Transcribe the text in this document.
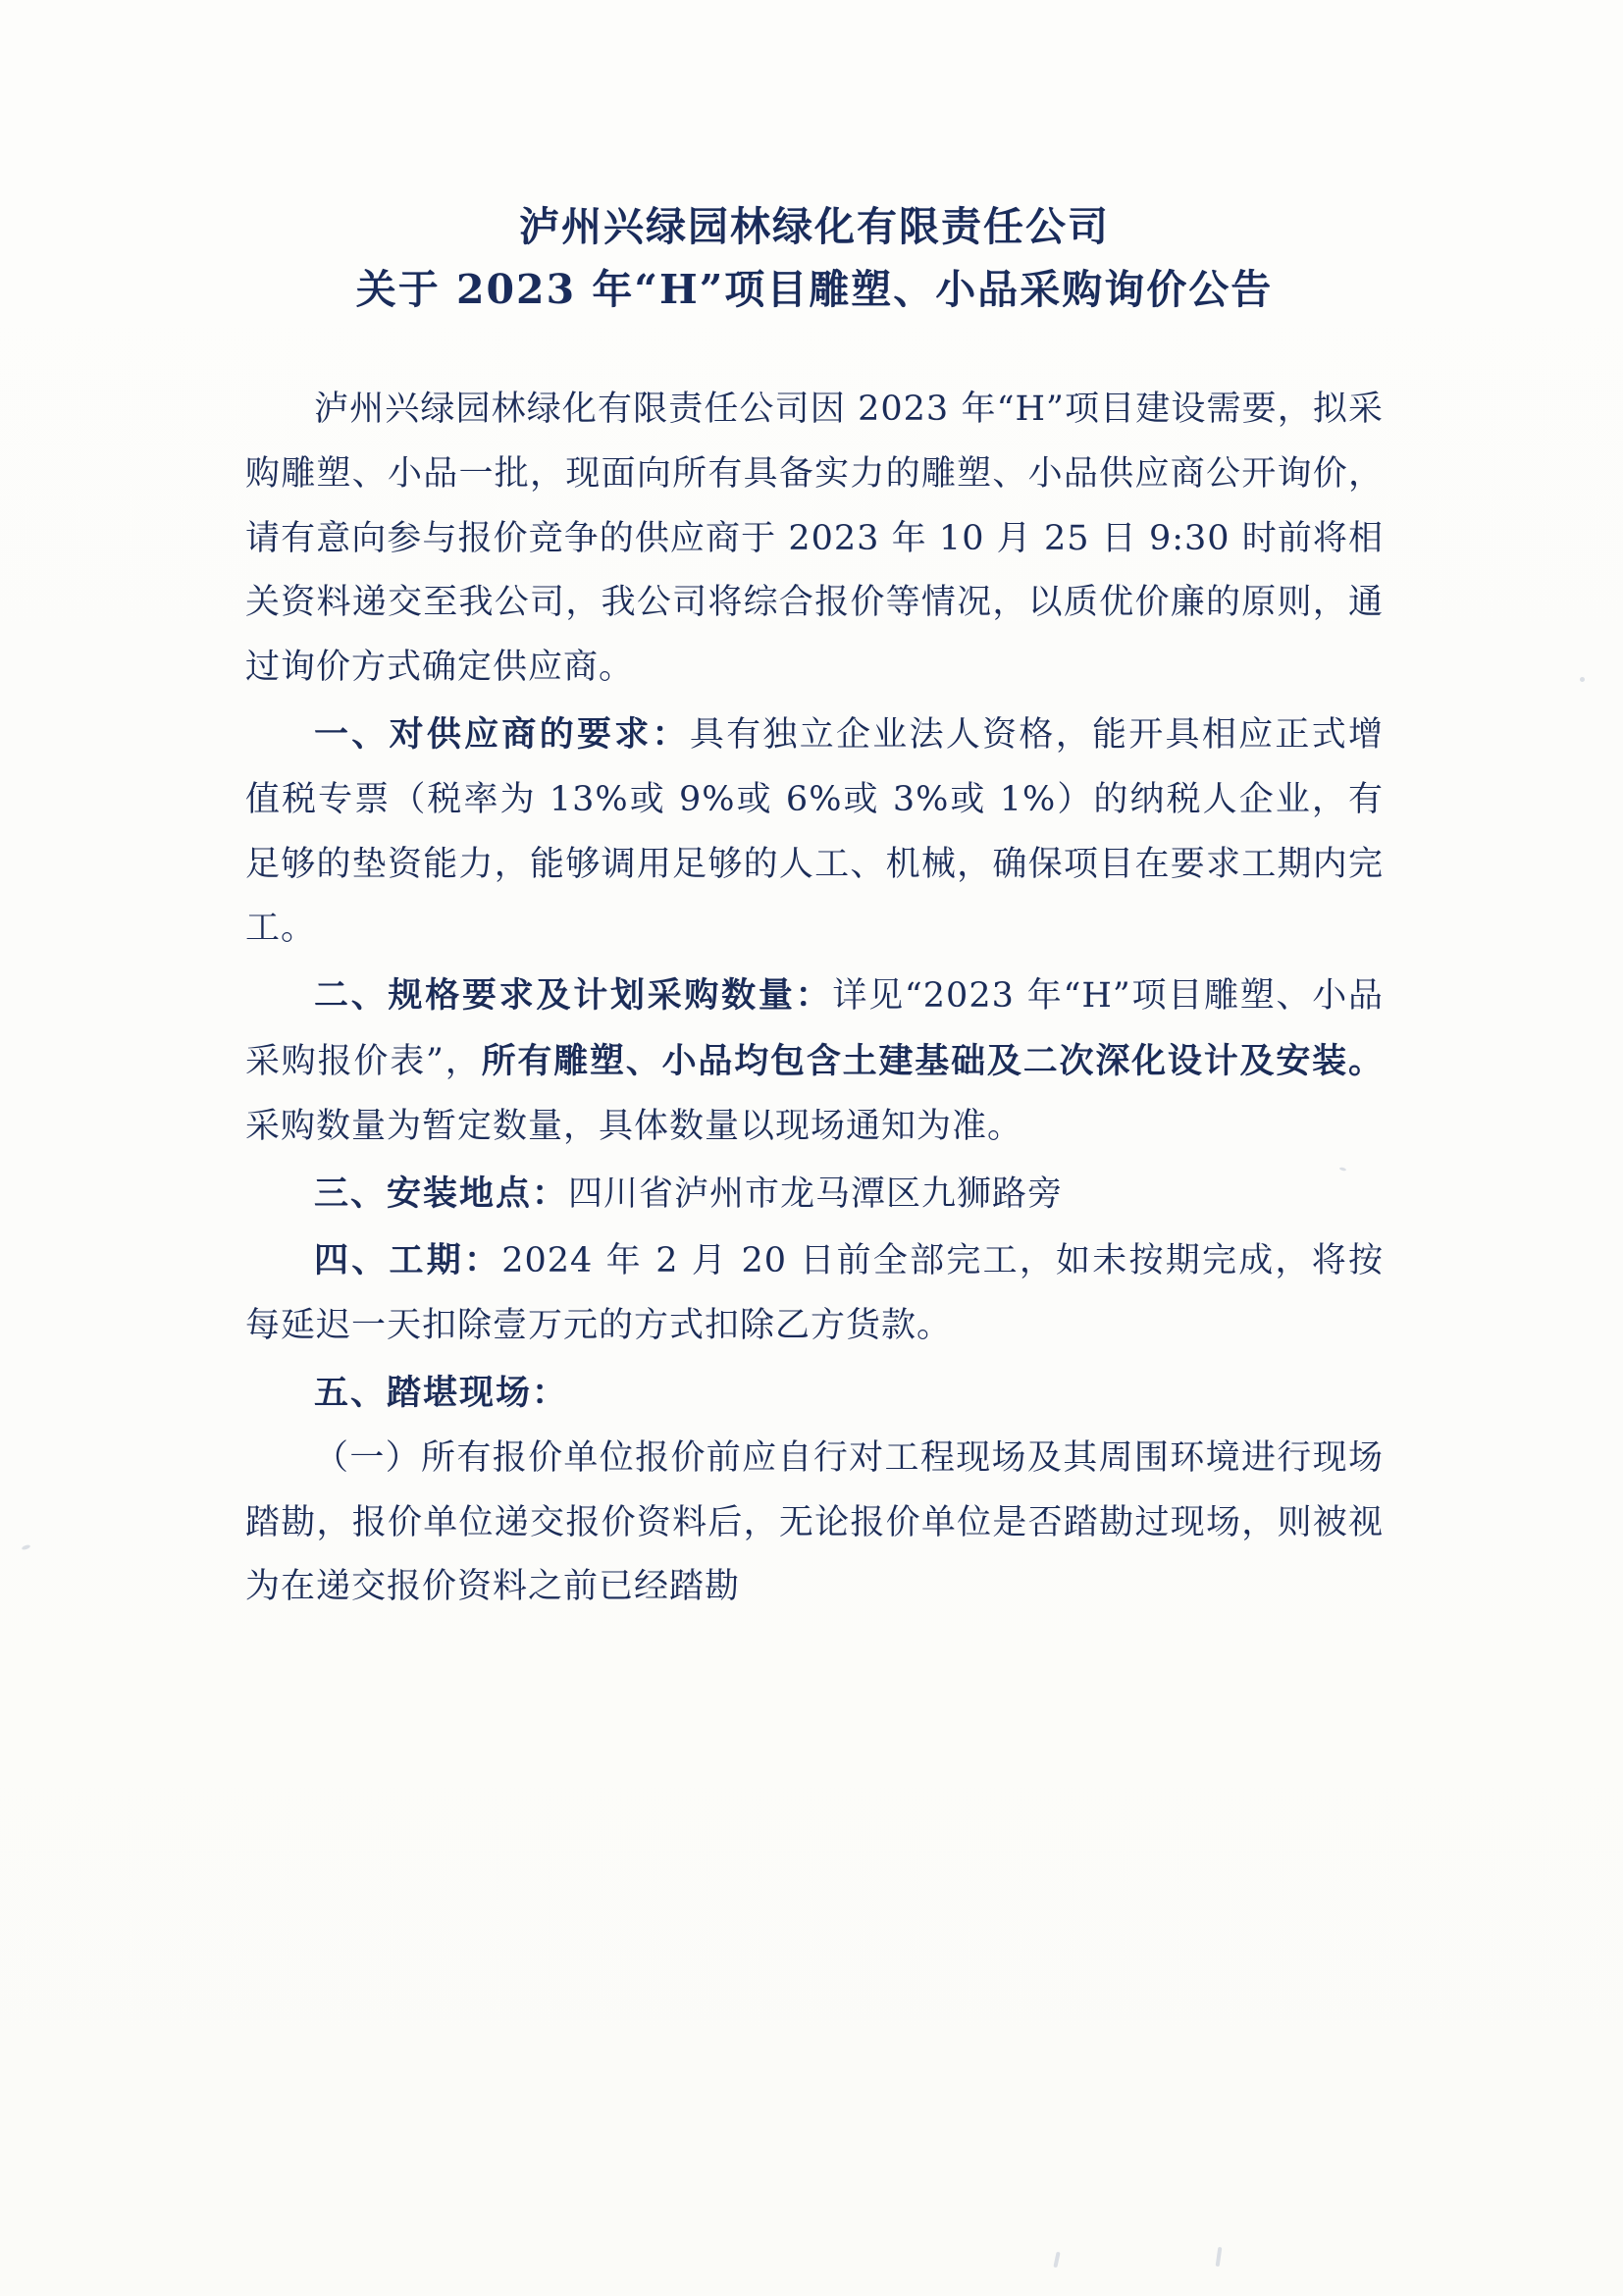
泸州兴绿园林绿化有限责任公司
关于 2023 年“H”项目雕塑、小品采购询价公告

泸州兴绿园林绿化有限责任公司因 2023 年“H”项目建设需要，拟采购雕塑、小品一批，现面向所有具备实力的雕塑、小品供应商公开询价，请有意向参与报价竞争的供应商于 2023 年 10 月 25 日 9:30 时前将相关资料递交至我公司，我公司将综合报价等情况，以质优价廉的原则，通过询价方式确定供应商。

一、对供应商的要求：具有独立企业法人资格，能开具相应正式增值税专票（税率为 13%或 9%或 6%或 3%或 1%）的纳税人企业，有足够的垫资能力，能够调用足够的人工、机械，确保项目在要求工期内完工。

二、规格要求及计划采购数量：详见“2023 年“H”项目雕塑、小品采购报价表”，所有雕塑、小品均包含土建基础及二次深化设计及安装。采购数量为暂定数量，具体数量以现场通知为准。

三、安装地点：四川省泸州市龙马潭区九狮路旁

四、工期：2024 年 2 月 20 日前全部完工，如未按期完成，将按每延迟一天扣除壹万元的方式扣除乙方货款。

五、踏堪现场：

（一）所有报价单位报价前应自行对工程现场及其周围环境进行现场踏勘，报价单位递交报价资料后，无论报价单位是否踏勘过现场，则被视为在递交报价资料之前已经踏勘
